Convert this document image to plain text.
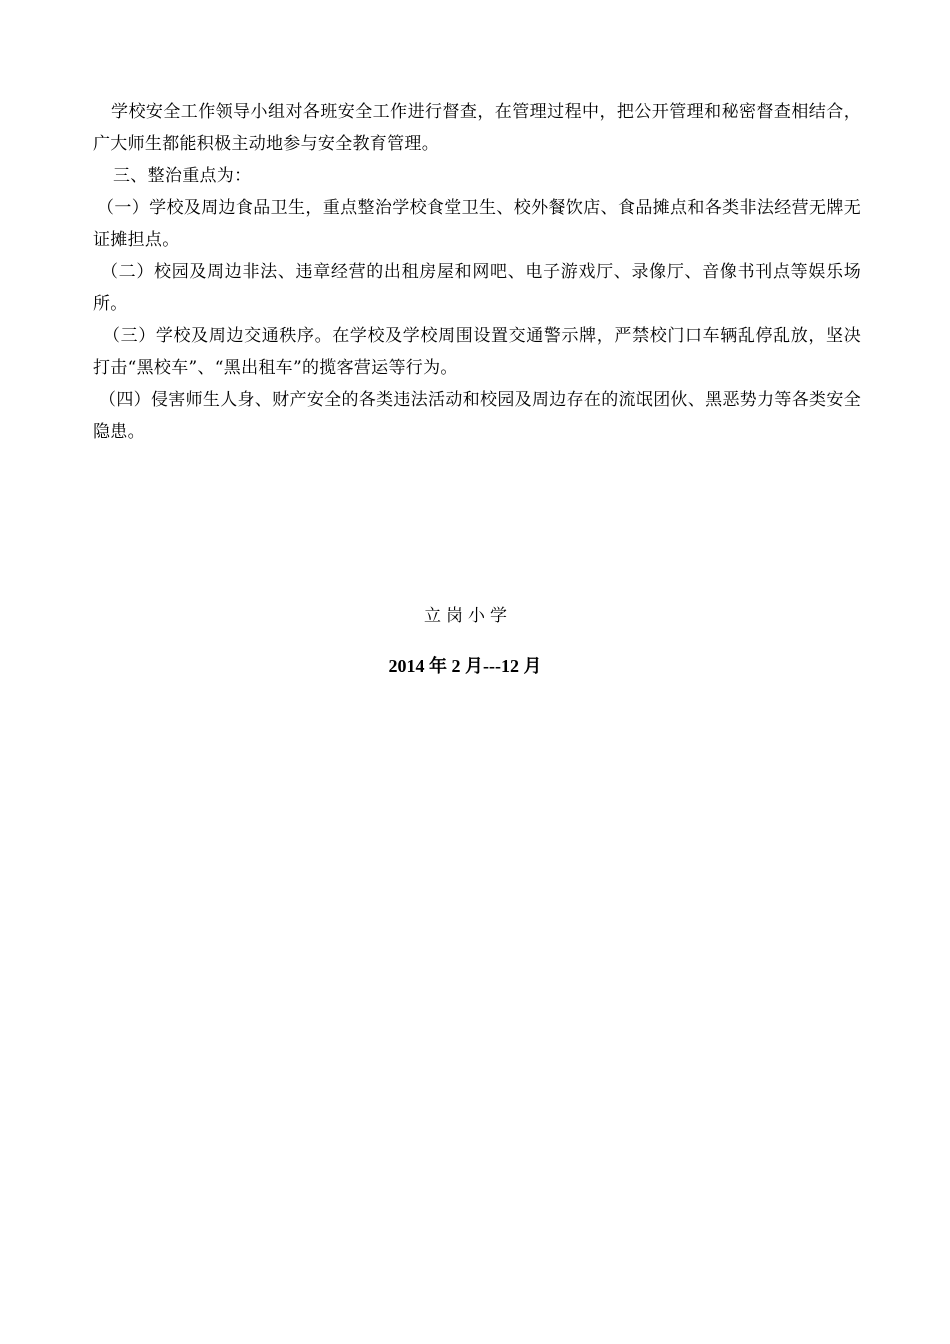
学校安全工作领导小组对各班安全工作进行督查，在管理过程中，把公开管理和秘密督查相结合，广大师生都能积极主动地参与安全教育管理。

三、整治重点为：

（一）学校及周边食品卫生，重点整治学校食堂卫生、校外餐饮店、食品摊点和各类非法经营无牌无证摊担点。

（二）校园及周边非法、违章经营的出租房屋和网吧、电子游戏厅、录像厅、音像书刊点等娱乐场所。

（三）学校及周边交通秩序。在学校及学校周围设置交通警示牌，严禁校门口车辆乱停乱放，坚决打击“黑校车”、“黑出租车”的揽客营运等行为。

（四）侵害师生人身、财产安全的各类违法活动和校园及周边存在的流氓团伙、黑恶势力等各类安全隐患。

立岗小学
2014 年 2 月---12 月
